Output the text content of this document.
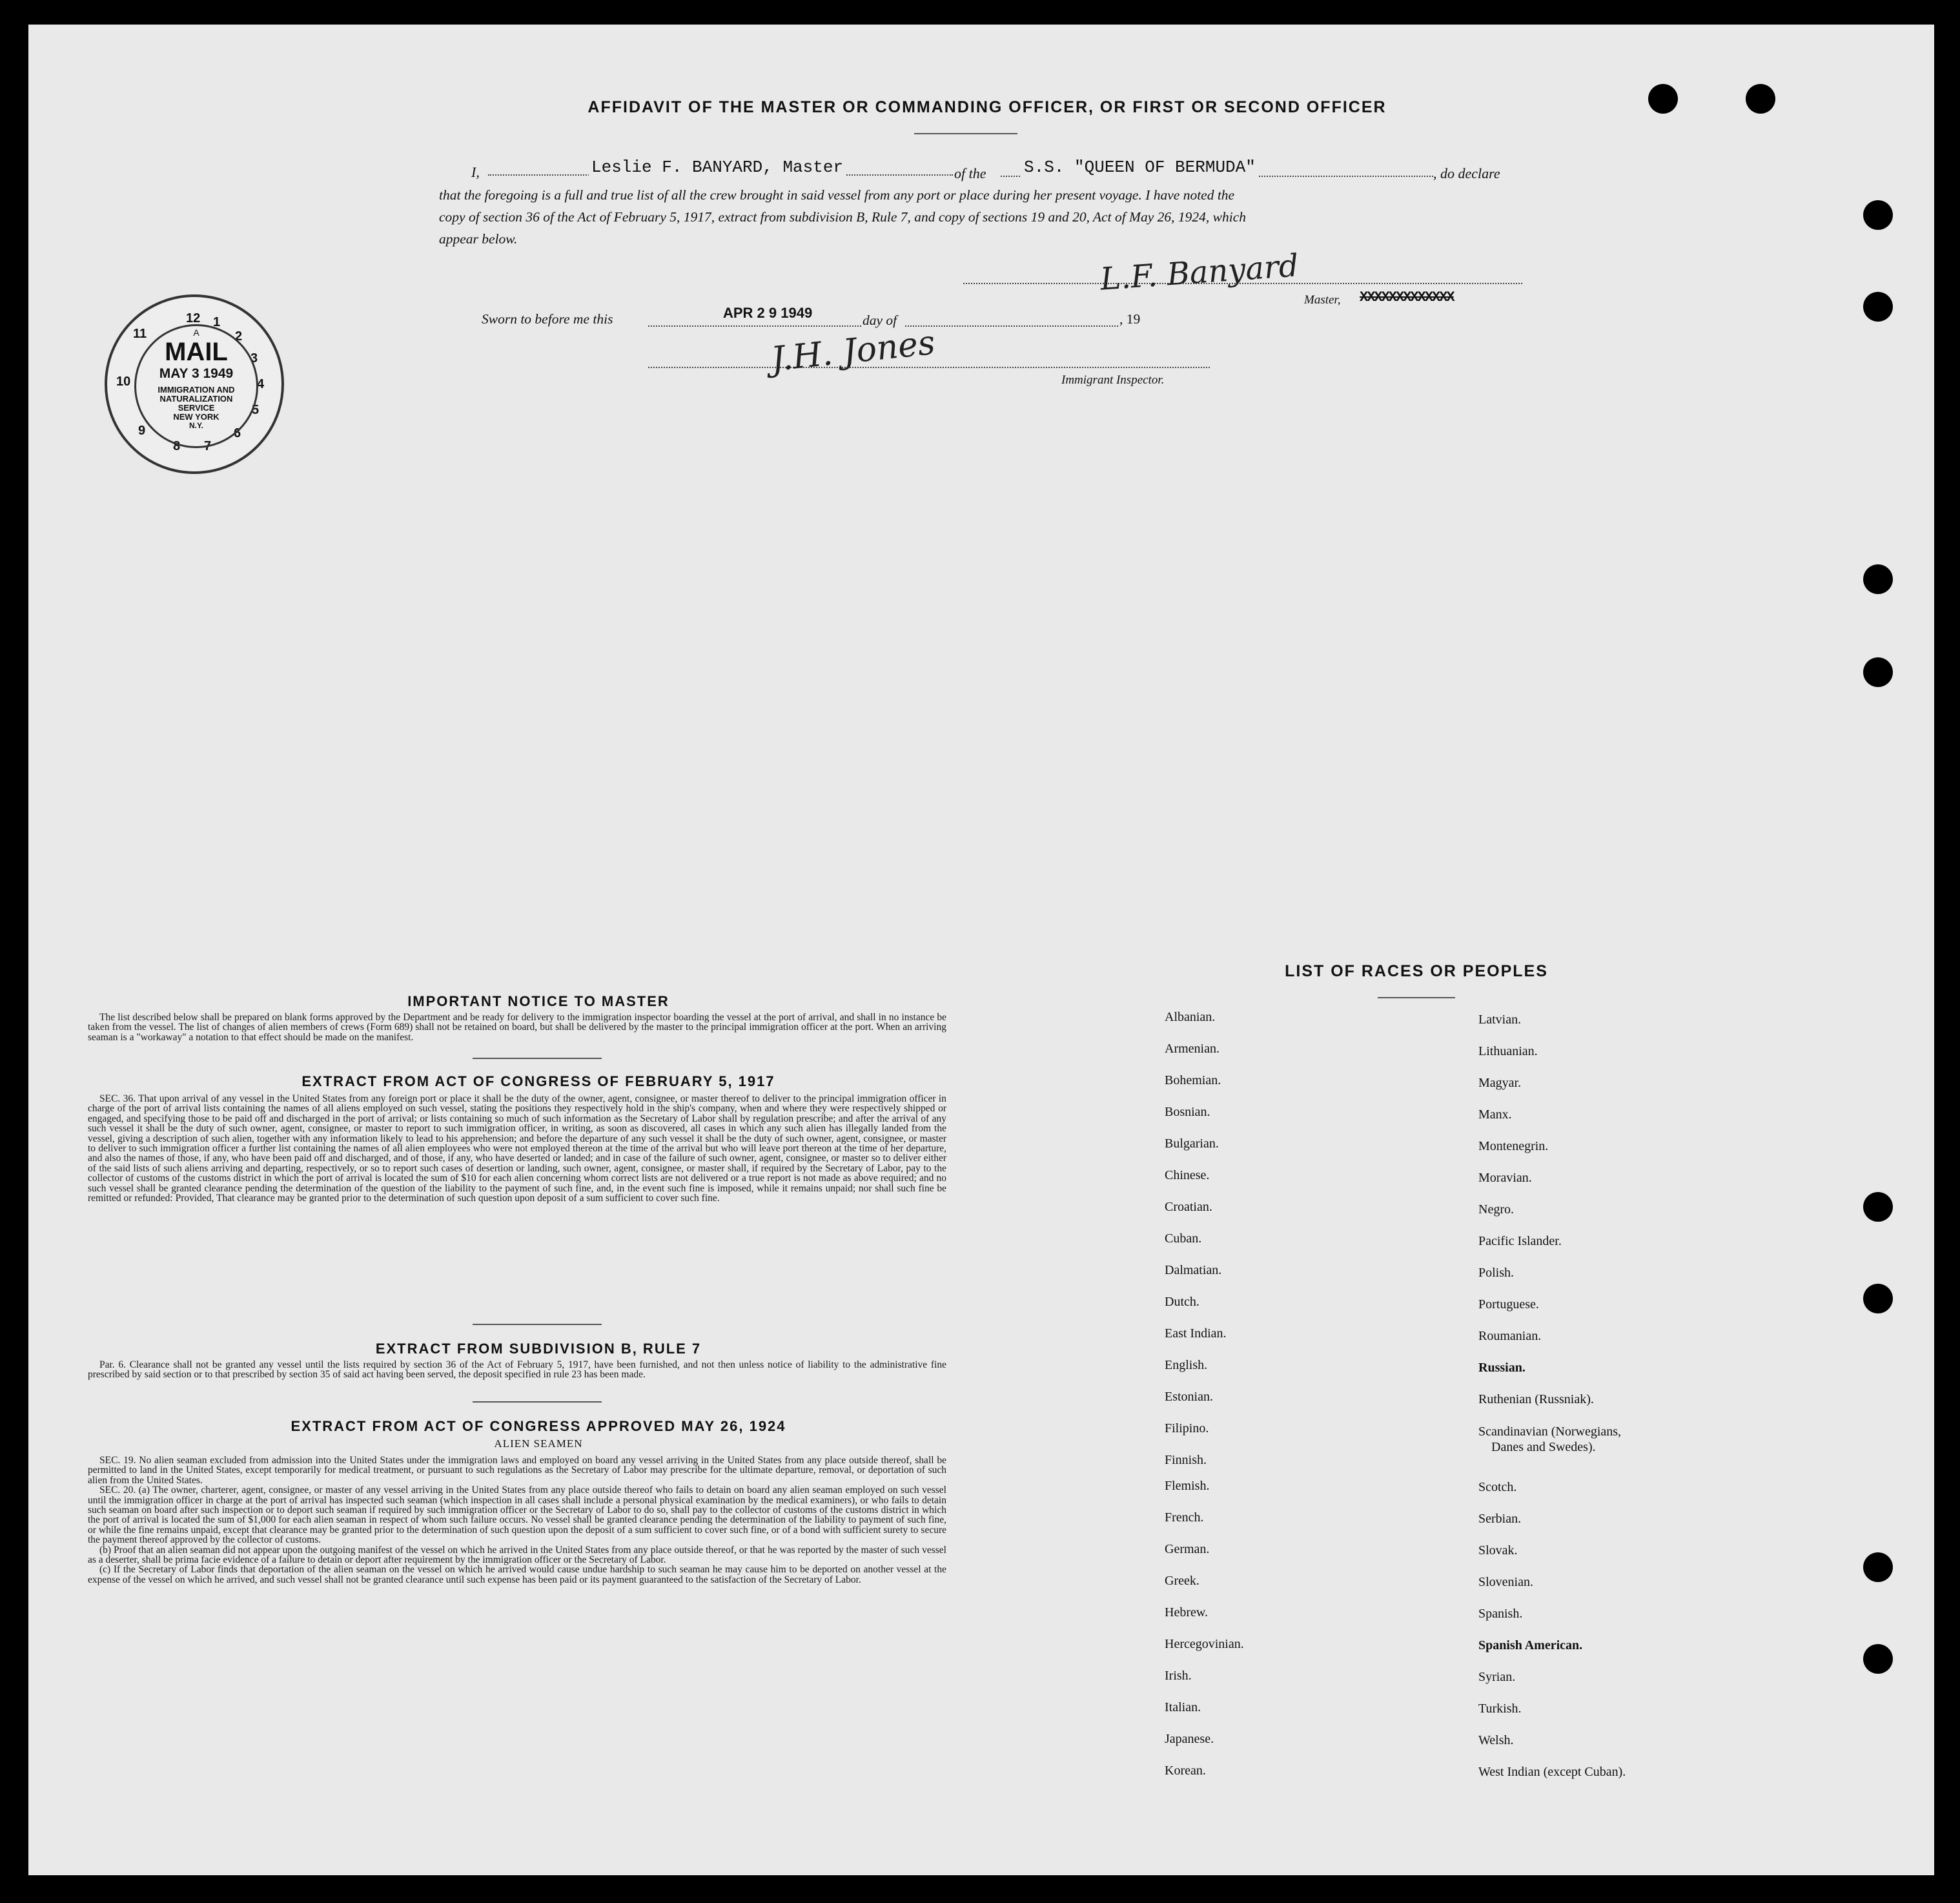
AFFIDAVIT OF THE MASTER OR COMMANDING OFFICER, OR FIRST OR SECOND OFFICER
I,	Leslie F. BANYARD, Master	of the S.S. "QUEEN OF BERMUDA"	, do declare
that the foregoing is a full and true list of all the crew brought in said vessel from any port or place during her present voyage. I have noted the
copy of section 36 of the Act of February 5, 1917, extract from subdivision B, Rule 7, and copy of sections 19 and 20, Act of May 26, 1924, which
appear below.
L.F. Banyard
Master, XXXXXXXXXXXXX
Sworn to before me this	APR 2 9 1949	day of	, 19
J.H. Jones
Immigrant Inspector.
12 1
2
3
4
5
6
7
8
9
10
11	A
MAIL
MAY 3 1949
IMMIGRATION AND
NATURALIZATION
SERVICE
NEW YORK
N.Y.
IMPORTANT NOTICE TO MASTER

The list described below shall be prepared on blank forms approved by the Department and be ready for delivery to the immigration inspector boarding the vessel at the port of arrival, and shall in no instance be taken from the vessel. The list of changes of alien members of crews (Form 689) shall not be retained on board, but shall be delivered by the master to the principal immigration officer at the port. When an arriving seaman is a "workaway" a notation to that effect should be made on the manifest.

EXTRACT FROM ACT OF CONGRESS OF FEBRUARY 5, 1917

SEC. 36. That upon arrival of any vessel in the United States from any foreign port or place it shall be the duty of the owner, agent, consignee, or master thereof to deliver to the principal immigration officer in charge of the port of arrival lists containing the names of all aliens employed on such vessel, stating the positions they respectively hold in the ship's company, when and where they were respectively shipped or engaged, and specifying those to be paid off and discharged in the port of arrival; or lists containing so much of such information as the Secretary of Labor shall by regulation prescribe; and after the arrival of any such vessel it shall be the duty of such owner, agent, consignee, or master to report to such immigration officer, in writing, as soon as discovered, all cases in which any such alien has illegally landed from the vessel, giving a description of such alien, together with any information likely to lead to his apprehension; and before the departure of any such vessel it shall be the duty of such owner, agent, consignee, or master to deliver to such immigration officer a further list containing the names of all alien employees who were not employed thereon at the time of the arrival but who will leave port thereon at the time of her departure, and also the names of those, if any, who have been paid off and discharged, and of those, if any, who have deserted or landed; and in case of the failure of such owner, agent, consignee, or master so to deliver either of the said lists of such aliens arriving and departing, respectively, or so to report such cases of desertion or landing, such owner, agent, consignee, or master shall, if required by the Secretary of Labor, pay to the collector of customs of the customs district in which the port of arrival is located the sum of $10 for each alien concerning whom correct lists are not delivered or a true report is not made as above required; and no such vessel shall be granted clearance pending the determination of the question of the liability to the payment of such fine, and, in the event such fine is imposed, while it remains unpaid; nor shall such fine be remitted or refunded: Provided, That clearance may be granted prior to the determination of such question upon deposit of a sum sufficient to cover such fine.

EXTRACT FROM SUBDIVISION B, RULE 7

Par. 6. Clearance shall not be granted any vessel until the lists required by section 36 of the Act of February 5, 1917, have been furnished, and not then unless notice of liability to the administrative fine prescribed by said section or to that prescribed by section 35 of said act having been served, the deposit specified in rule 23 has been made.

EXTRACT FROM ACT OF CONGRESS APPROVED MAY 26, 1924
ALIEN SEAMEN

SEC. 19. No alien seaman excluded from admission into the United States under the immigration laws and employed on board any vessel arriving in the United States from any place outside thereof, shall be permitted to land in the United States, except temporarily for medical treatment, or pursuant to such regulations as the Secretary of Labor may prescribe for the ultimate departure, removal, or deportation of such alien from the United States.

SEC. 20. (a) The owner, charterer, agent, consignee, or master of any vessel arriving in the United States from any place outside thereof who fails to detain on board any alien seaman employed on such vessel until the immigration officer in charge at the port of arrival has inspected such seaman (which inspection in all cases shall include a personal physical examination by the medical examiners), or who fails to detain such seaman on board after such inspection or to deport such seaman if required by such immigration officer or the Secretary of Labor to do so, shall pay to the collector of customs of the customs district in which the port of arrival is located the sum of $1,000 for each alien seaman in respect of whom such failure occurs. No vessel shall be granted clearance pending the determination of the liability to payment of such fine, or while the fine remains unpaid, except that clearance may be granted prior to the determination of such question upon the deposit of a sum sufficient to cover such fine, or of a bond with sufficient surety to secure the payment thereof approved by the collector of customs.

(b) Proof that an alien seaman did not appear upon the outgoing manifest of the vessel on which he arrived in the United States from any place outside thereof, or that he was reported by the master of such vessel as a deserter, shall be prima facie evidence of a failure to detain or deport after requirement by the immigration officer or the Secretary of Labor.

(c) If the Secretary of Labor finds that deportation of the alien seaman on the vessel on which he arrived would cause undue hardship to such seaman he may cause him to be deported on another vessel at the expense of the vessel on which he arrived, and such vessel shall not be granted clearance until such expense has been paid or its payment guaranteed to the satisfaction of the Secretary of Labor.

LIST OF RACES OR PEOPLES
Albanian.
Armenian.
Bohemian.
Bosnian.
Bulgarian.
Chinese.
Croatian.
Cuban.
Dalmatian.
Dutch.
East Indian.
English.
Estonian.
Filipino.
Finnish.
Flemish.
French.
German.
Greek.
Hebrew.
Hercegovinian.
Irish.
Italian.
Japanese.
Korean.
Latvian.
Lithuanian.
Magyar.
Manx.
Montenegrin.
Moravian.
Negro.
Pacific Islander.
Polish.
Portuguese.
Roumanian.
Russian.
Ruthenian (Russniak).
Scandinavian (Norwegians,
Danes and Swedes).
Scotch.
Serbian.
Slovak.
Slovenian.
Spanish.
Spanish American.
Syrian.
Turkish.
Welsh.
West Indian (except Cuban).
